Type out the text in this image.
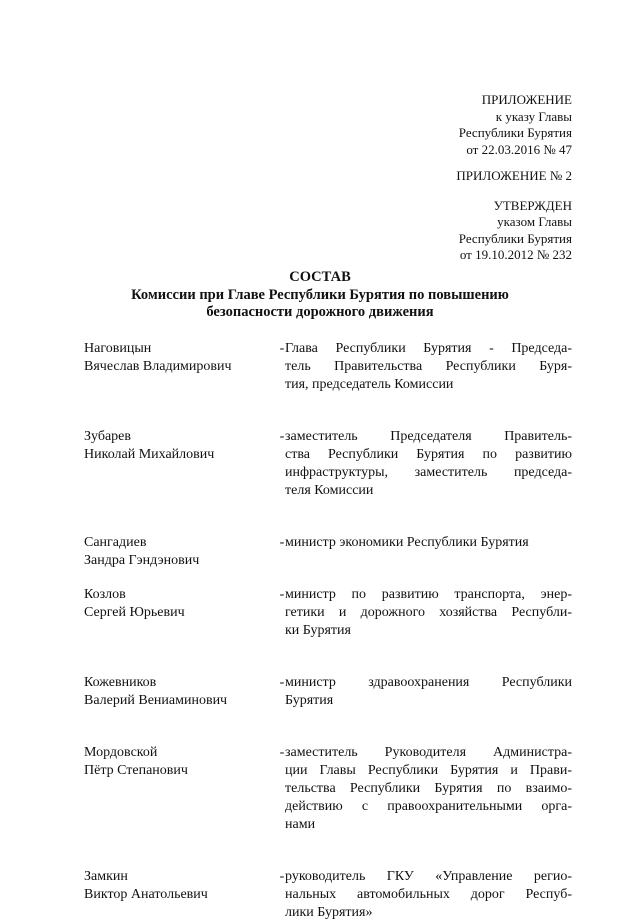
ПРИЛОЖЕНИЕ
к указу Главы
Республики Бурятия
от 22.03.2016 № 47
ПРИЛОЖЕНИЕ № 2
УТВЕРЖДЕН
указом Главы
Республики Бурятия
от 19.10.2012 № 232
СОСТАВ
Комиссии при Главе Республики Бурятия по повышению
безопасности дорожного движения
Наговицын
Вячеслав Владимирович
- Глава Республики Бурятия - Председа-
тель Правительства Республики Буря-
тия, председатель Комиссии
Зубарев
Николай Михайлович
- заместитель Председателя Правитель-
ства Республики Бурятия по развитию
инфраструктуры, заместитель председа-
теля Комиссии
Сангадиев
Зандра Гэндэнович
- министр экономики Республики Бурятия
Козлов
Сергей Юрьевич
- министр по развитию транспорта, энер-
гетики и дорожного хозяйства Республи-
ки Бурятия
Кожевников
Валерий Вениаминович
- министр здравоохранения Республики
Бурятия
Мордовской
Пётр Степанович
- заместитель Руководителя Администра-
ции Главы Республики Бурятия и Прави-
тельства Республики Бурятия по взаимо-
действию с правоохранительными орга-
нами
Замкин
Виктор Анатольевич
- руководитель ГКУ «Управление регио-
нальных автомобильных дорог Респуб-
лики Бурятия»
